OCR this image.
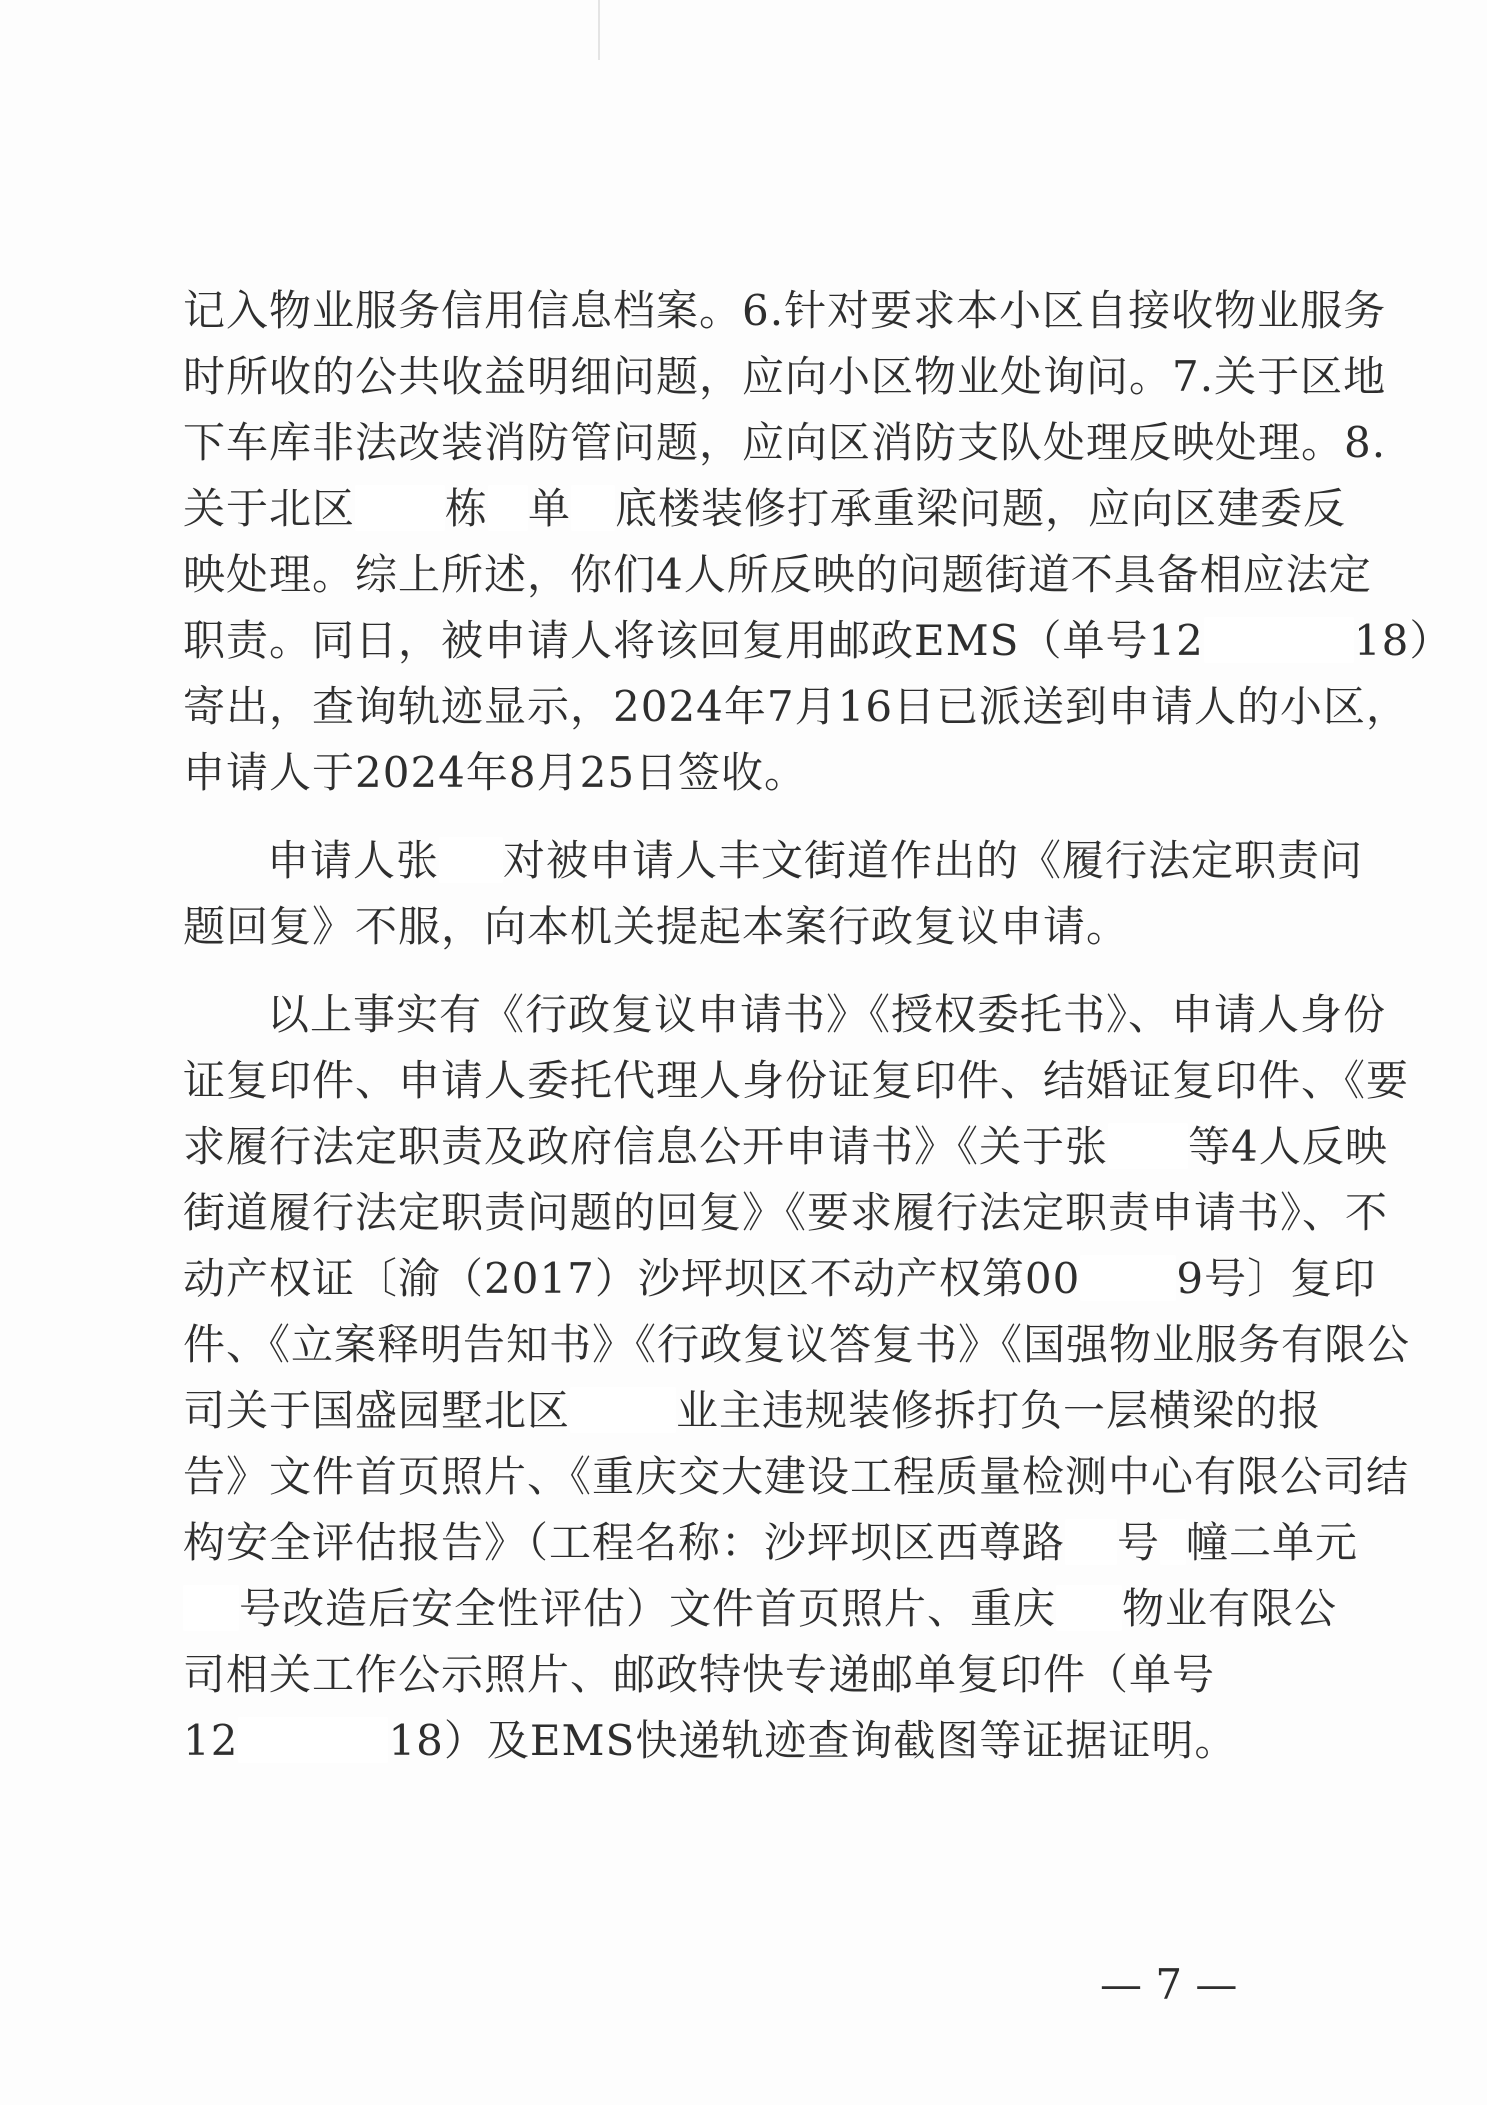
记入物业服务信用信息档案。6.针对要求本小区自接收物业服务
时所收的公共收益明细问题，应向小区物业处询问。7.关于区地
下车库非法改装消防管问题，应向区消防支队处理反映处理。8.
关于北区 栋 单 底楼装修打承重梁问题，应向区建委反
映处理。综上所述，你们4人所反映的问题街道不具备相应法定
职责。同日，被申请人将该回复用邮政EMS（单号12	18）
寄出，查询轨迹显示，2024年7月16日已派送到申请人的小区，
申请人于2024年8月25日签收。
申请人张 对被申请人丰文街道作出的《履行法定职责问
题回复》不服，向本机关提起本案行政复议申请。
以上事实有《行政复议申请书》《授权委托书》、申请人身份
证复印件、申请人委托代理人身份证复印件、结婚证复印件、《要
求履行法定职责及政府信息公开申请书》《关于张 等4人反映
街道履行法定职责问题的回复》《要求履行法定职责申请书》、不
动产权证〔渝（2017）沙坪坝区不动产权第00 9号〕复印
件、《立案释明告知书》《行政复议答复书》《国强物业服务有限公
司关于国盛园墅北区	业主违规装修拆打负一层横梁的报
告》文件首页照片、《重庆交大建设工程质量检测中心有限公司结
构安全评估报告》（工程名称：沙坪坝区西尊路 号 幢二单元
号改造后安全性评估）文件首页照片、重庆 物业有限公
司相关工作公示照片、邮政特快专递邮单复印件（单号
12	18）及EMS快递轨迹查询截图等证据证明。
— 7 —
